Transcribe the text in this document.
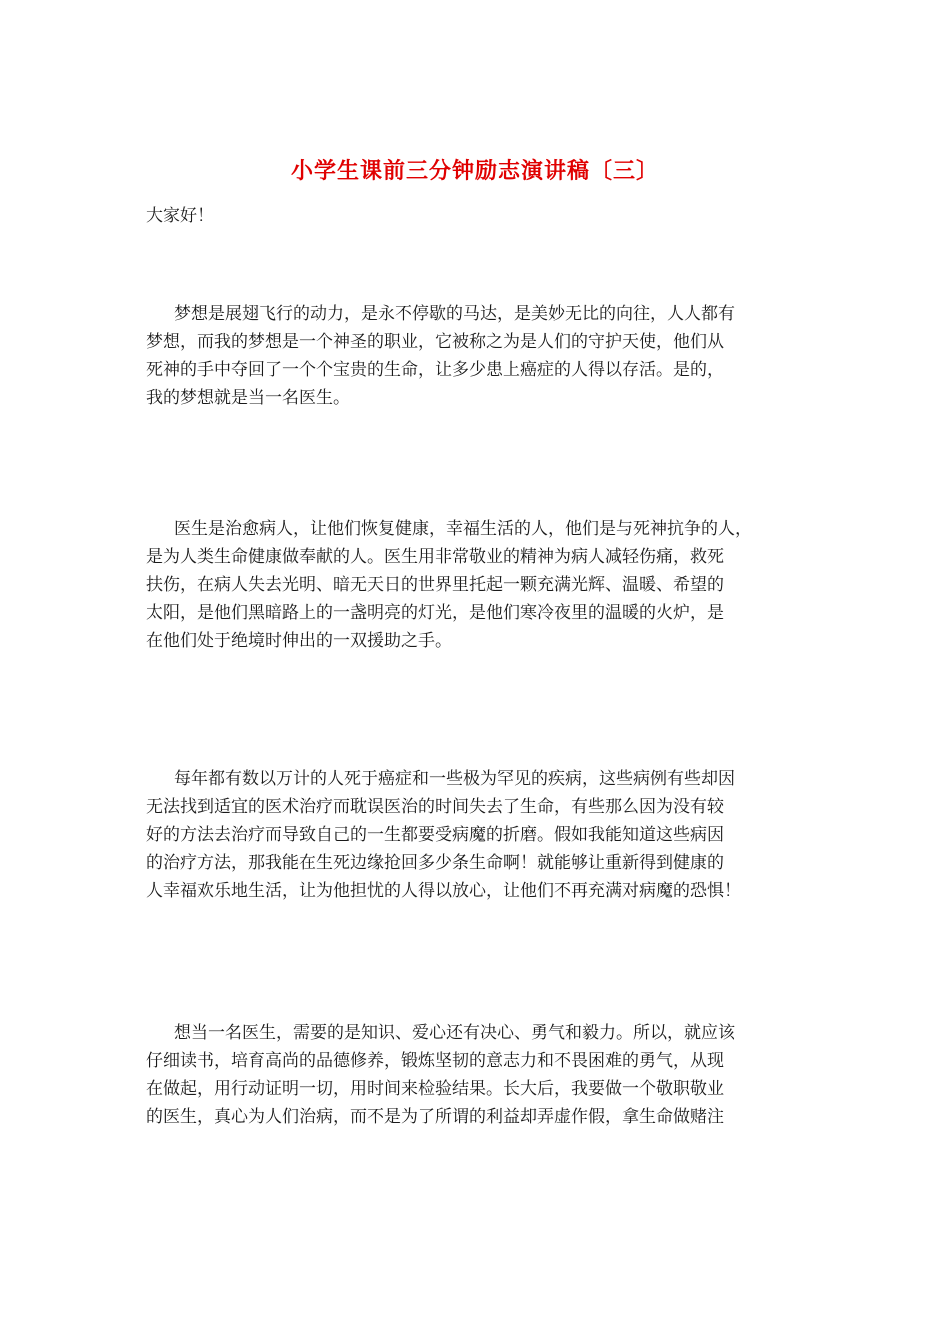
小学生课前三分钟励志演讲稿〔三〕

大家好！

梦想是展翅飞行的动力，是永不停歇的马达，是美妙无比的向往，人人都有
梦想，而我的梦想是一个神圣的职业，它被称之为是人们的守护天使，他们从
死神的手中夺回了一个个宝贵的生命，让多少患上癌症的人得以存活。是的，
我的梦想就是当一名医生。

医生是治愈病人，让他们恢复健康，幸福生活的人，他们是与死神抗争的人，
是为人类生命健康做奉献的人。医生用非常敬业的精神为病人减轻伤痛，救死
扶伤，在病人失去光明、暗无天日的世界里托起一颗充满光辉、温暖、希望的
太阳，是他们黑暗路上的一盏明亮的灯光，是他们寒冷夜里的温暖的火炉，是
在他们处于绝境时伸出的一双援助之手。

每年都有数以万计的人死于癌症和一些极为罕见的疾病，这些病例有些却因
无法找到适宜的医术治疗而耽误医治的时间失去了生命，有些那么因为没有较
好的方法去治疗而导致自己的一生都要受病魔的折磨。假如我能知道这些病因
的治疗方法，那我能在生死边缘抢回多少条生命啊！就能够让重新得到健康的
人幸福欢乐地生活，让为他担忧的人得以放心，让他们不再充满对病魔的恐惧！

想当一名医生，需要的是知识、爱心还有决心、勇气和毅力。所以，就应该
仔细读书，培育高尚的品德修养，锻炼坚韧的意志力和不畏困难的勇气，从现
在做起，用行动证明一切，用时间来检验结果。长大后，我要做一个敬职敬业
的医生，真心为人们治病，而不是为了所谓的利益却弄虚作假，拿生命做赌注
